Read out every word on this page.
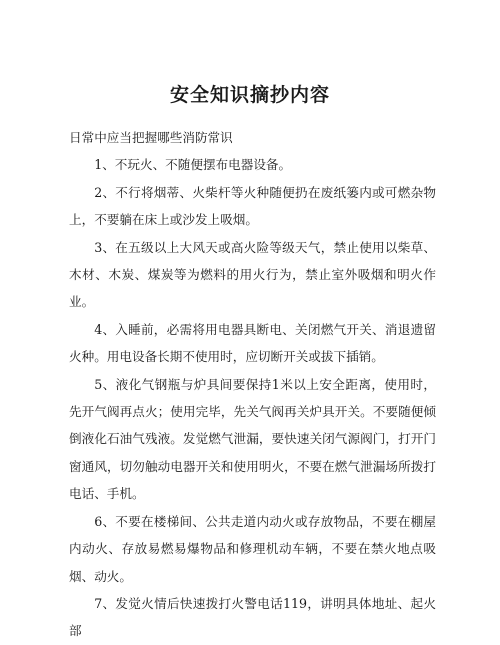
安全知识摘抄内容

日常中应当把握哪些消防常识

1、不玩火、不随便摆布电器设备。

2、不行将烟蒂、火柴杆等火种随便扔在废纸篓内或可燃杂物上，不要躺在床上或沙发上吸烟。

3、在五级以上大风天或高火险等级天气，禁止使用以柴草、木材、木炭、煤炭等为燃料的用火行为，禁止室外吸烟和明火作业。

4、入睡前，必需将用电器具断电、关闭燃气开关、消退遗留火种。用电设备长期不使用时，应切断开关或拔下插销。

5、液化气钢瓶与炉具间要保持1米以上安全距离，使用时，先开气阀再点火；使用完毕，先关气阀再关炉具开关。不要随便倾倒液化石油气残液。发觉燃气泄漏，要快速关闭气源阀门，打开门窗通风，切勿触动电器开关和使用明火，不要在燃气泄漏场所拨打电话、手机。

6、不要在楼梯间、公共走道内动火或存放物品，不要在棚屋内动火、存放易燃易爆物品和修理机动车辆，不要在禁火地点吸烟、动火。

7、发觉火情后快速拨打火警电话119，讲明具体地址、起火部
